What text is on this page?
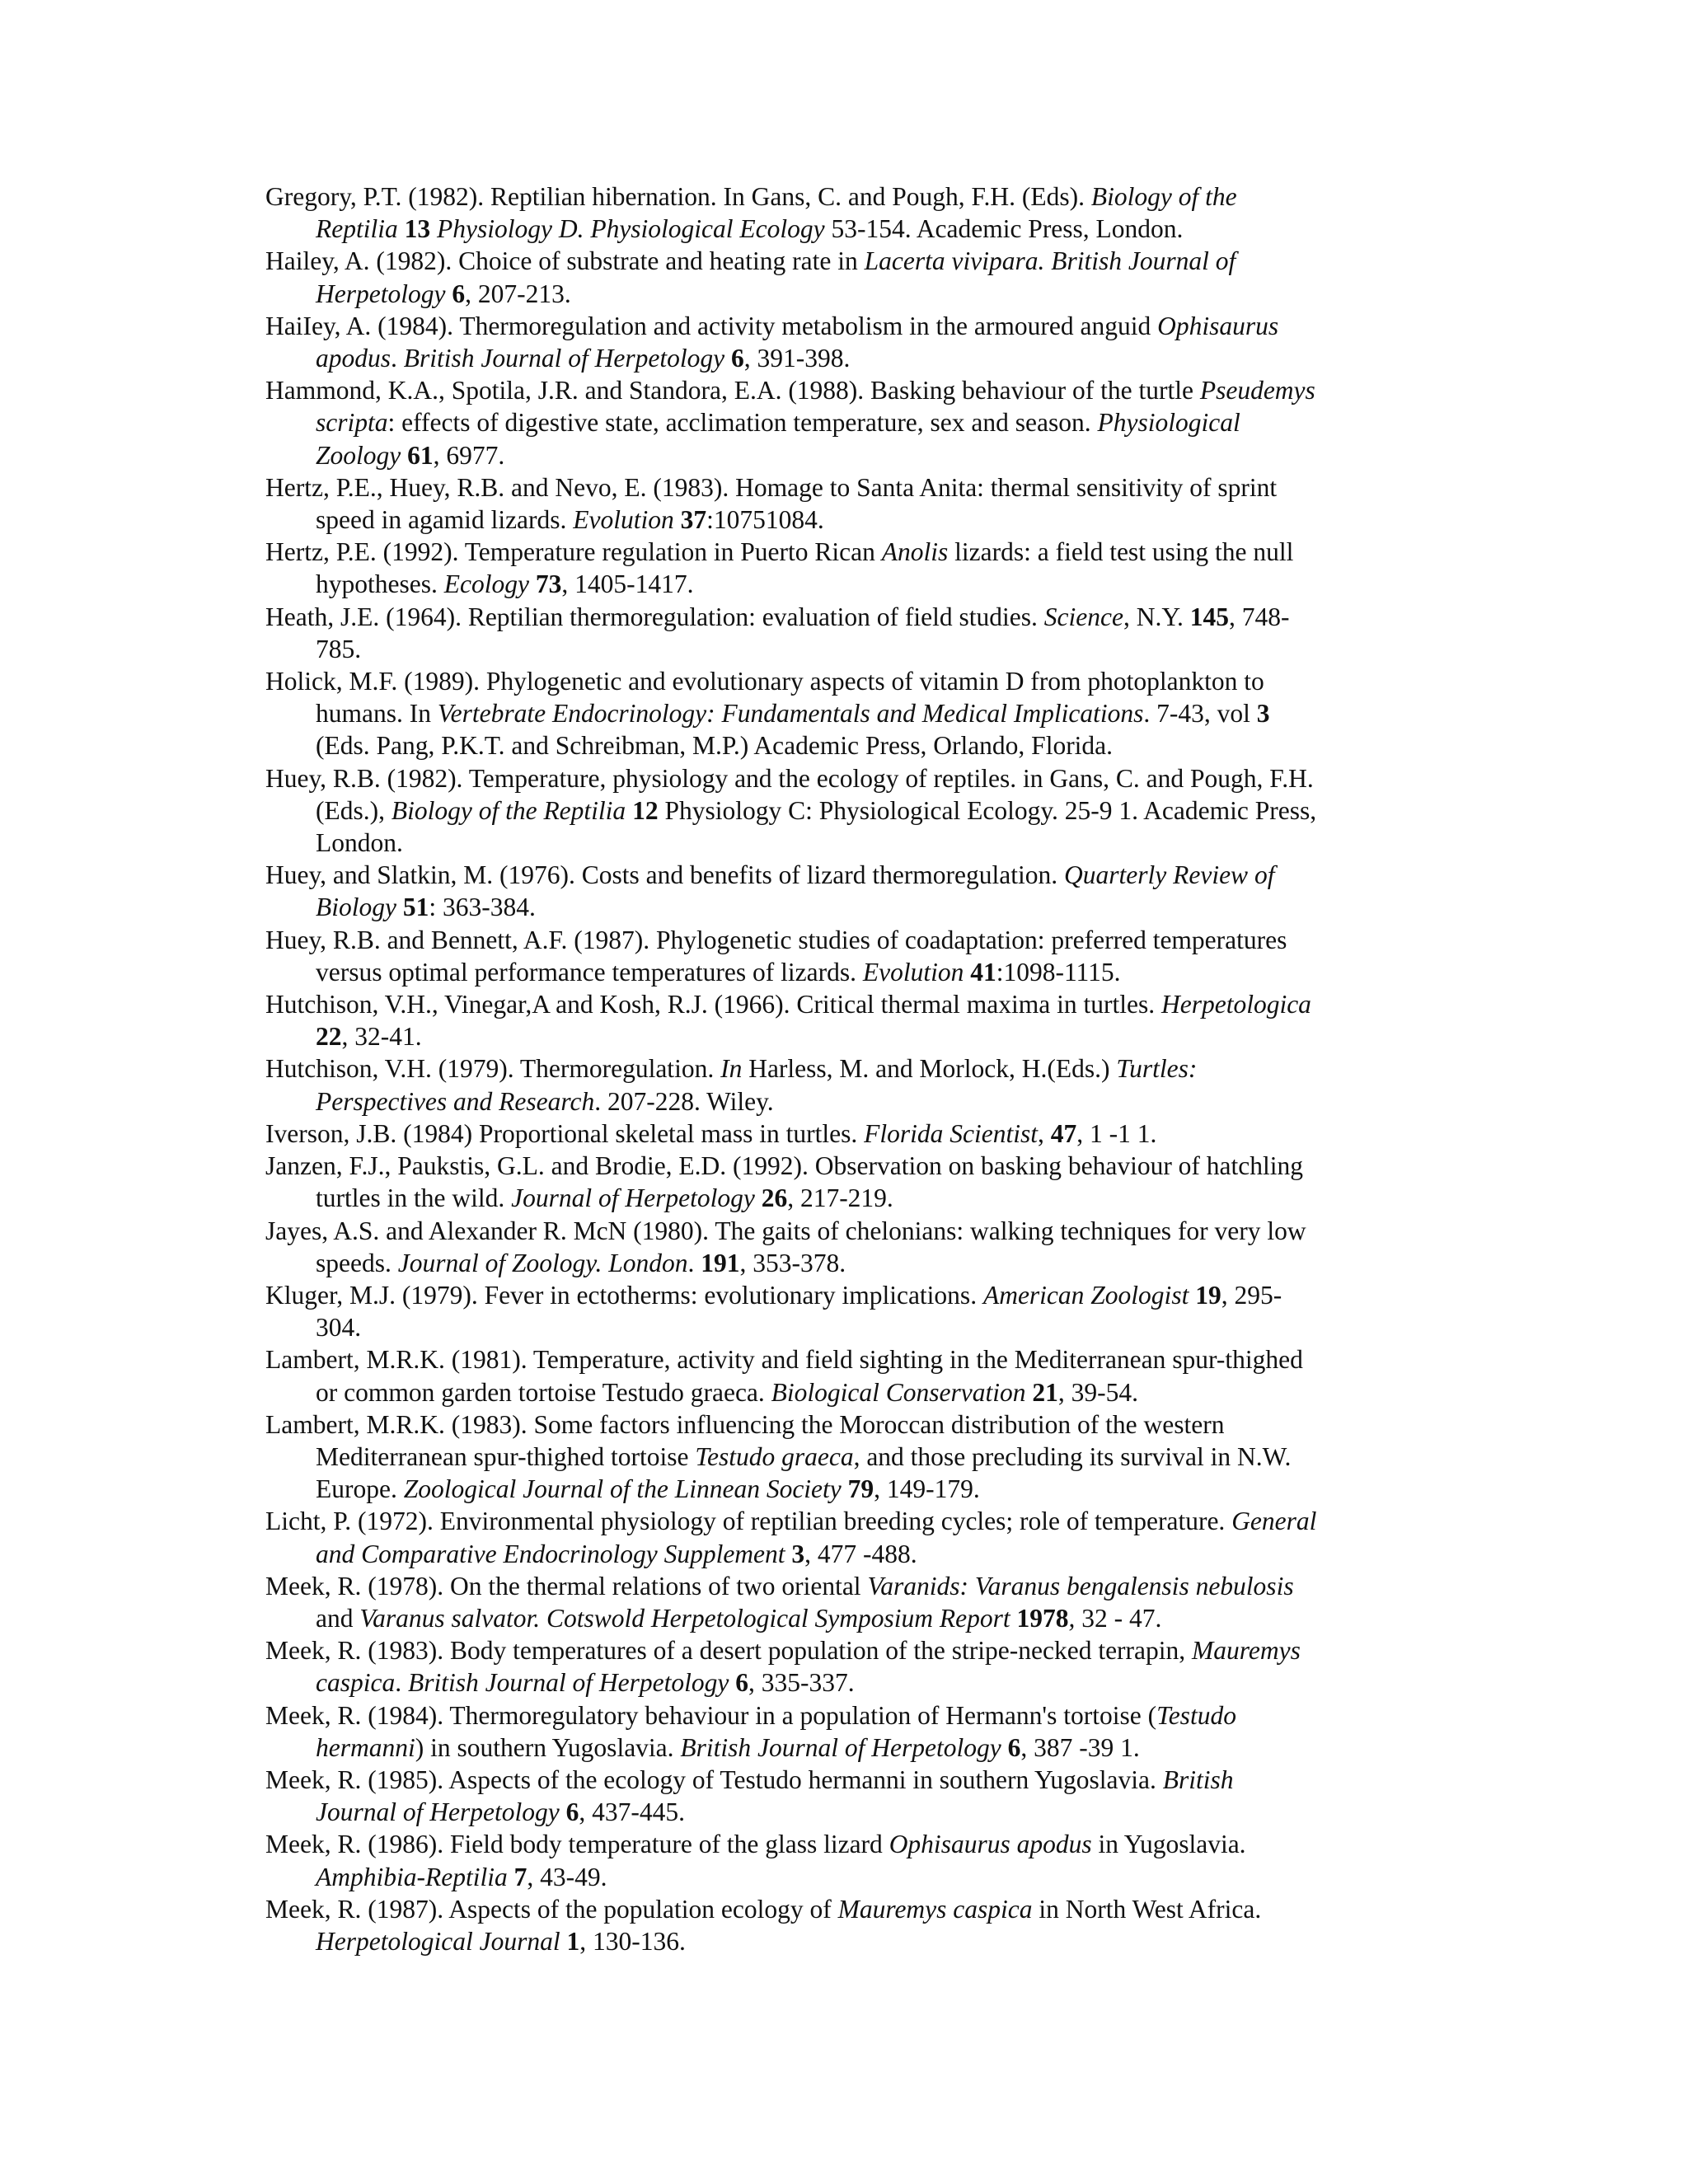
Gregory, P.T. (1982). Reptilian hibernation. In Gans, C. and Pough, F.H. (Eds). Biology of the
Reptilia 13 Physiology D. Physiological Ecology 53-154. Academic Press, London.
Hailey, A. (1982). Choice of substrate and heating rate in Lacerta vivipara. British Journal of
Herpetology 6, 207-213.
HaiIey, A. (1984). Thermoregulation and activity metabolism in the armoured anguid Ophisaurus
apodus. British Journal of Herpetology 6, 391-398.
Hammond, K.A., Spotila, J.R. and Standora, E.A. (1988). Basking behaviour of the turtle Pseudemys
scripta: effects of digestive state, acclimation temperature, sex and season. Physiological
Zoology 61, 6977.
Hertz, P.E., Huey, R.B. and Nevo, E. (1983). Homage to Santa Anita: thermal sensitivity of sprint
speed in agamid lizards. Evolution 37:10751084.
Hertz, P.E. (1992). Temperature regulation in Puerto Rican Anolis lizards: a field test using the null
hypotheses. Ecology 73, 1405-1417.
Heath, J.E. (1964). Reptilian thermoregulation: evaluation of field studies. Science, N.Y. 145, 748-
785.
Holick, M.F. (1989). Phylogenetic and evolutionary aspects of vitamin D from photoplankton to
humans. In Vertebrate Endocrinology: Fundamentals and Medical Implications. 7-43, vol 3
(Eds. Pang, P.K.T. and Schreibman, M.P.) Academic Press, Orlando, Florida.
Huey, R.B. (1982). Temperature, physiology and the ecology of reptiles. in Gans, C. and Pough, F.H.
(Eds.), Biology of the Reptilia 12 Physiology C: Physiological Ecology. 25-9 1. Academic Press,
London.
Huey, and Slatkin, M. (1976). Costs and benefits of lizard thermoregulation. Quarterly Review of
Biology 51: 363-384.
Huey, R.B. and Bennett, A.F. (1987). Phylogenetic studies of coadaptation: preferred temperatures
versus optimal performance temperatures of lizards. Evolution 41:1098-1115.
Hutchison, V.H., Vinegar,A and Kosh, R.J. (1966). Critical thermal maxima in turtles. Herpetologica
22, 32-41.
Hutchison, V.H. (1979). Thermoregulation. In Harless, M. and Morlock, H.(Eds.) Turtles:
Perspectives and Research. 207-228. Wiley.
Iverson, J.B. (1984) Proportional skeletal mass in turtles. Florida Scientist, 47, 1 -1 1.
Janzen, F.J., Paukstis, G.L. and Brodie, E.D. (1992). Observation on basking behaviour of hatchling
turtles in the wild. Journal of Herpetology 26, 217-219.
Jayes, A.S. and Alexander R. McN (1980). The gaits of chelonians: walking techniques for very low
speeds. Journal of Zoology. London. 191, 353-378.
Kluger, M.J. (1979). Fever in ectotherms: evolutionary implications. American Zoologist 19, 295-
304.
Lambert, M.R.K. (1981). Temperature, activity and field sighting in the Mediterranean spur-thighed
or common garden tortoise Testudo graeca. Biological Conservation 21, 39-54.
Lambert, M.R.K. (1983). Some factors influencing the Moroccan distribution of the western
Mediterranean spur-thighed tortoise Testudo graeca, and those precluding its survival in N.W.
Europe. Zoological Journal of the Linnean Society 79, 149-179.
Licht, P. (1972). Environmental physiology of reptilian breeding cycles; role of temperature. General
and Comparative Endocrinology Supplement 3, 477 -488.
Meek, R. (1978). On the thermal relations of two oriental Varanids: Varanus bengalensis nebulosis
and Varanus salvator. Cotswold Herpetological Symposium Report 1978, 32 - 47.
Meek, R. (1983). Body temperatures of a desert population of the stripe-necked terrapin, Mauremys
caspica. British Journal of Herpetology 6, 335-337.
Meek, R. (1984). Thermoregulatory behaviour in a population of Hermann's tortoise (Testudo
hermanni) in southern Yugoslavia. British Journal of Herpetology 6, 387 -39 1.
Meek, R. (1985). Aspects of the ecology of Testudo hermanni in southern Yugoslavia. British
Journal of Herpetology 6, 437-445.
Meek, R. (1986). Field body temperature of the glass lizard Ophisaurus apodus in Yugoslavia.
Amphibia-Reptilia 7, 43-49.
Meek, R. (1987). Aspects of the population ecology of Mauremys caspica in North West Africa.
Herpetological Journal 1, 130-136.
